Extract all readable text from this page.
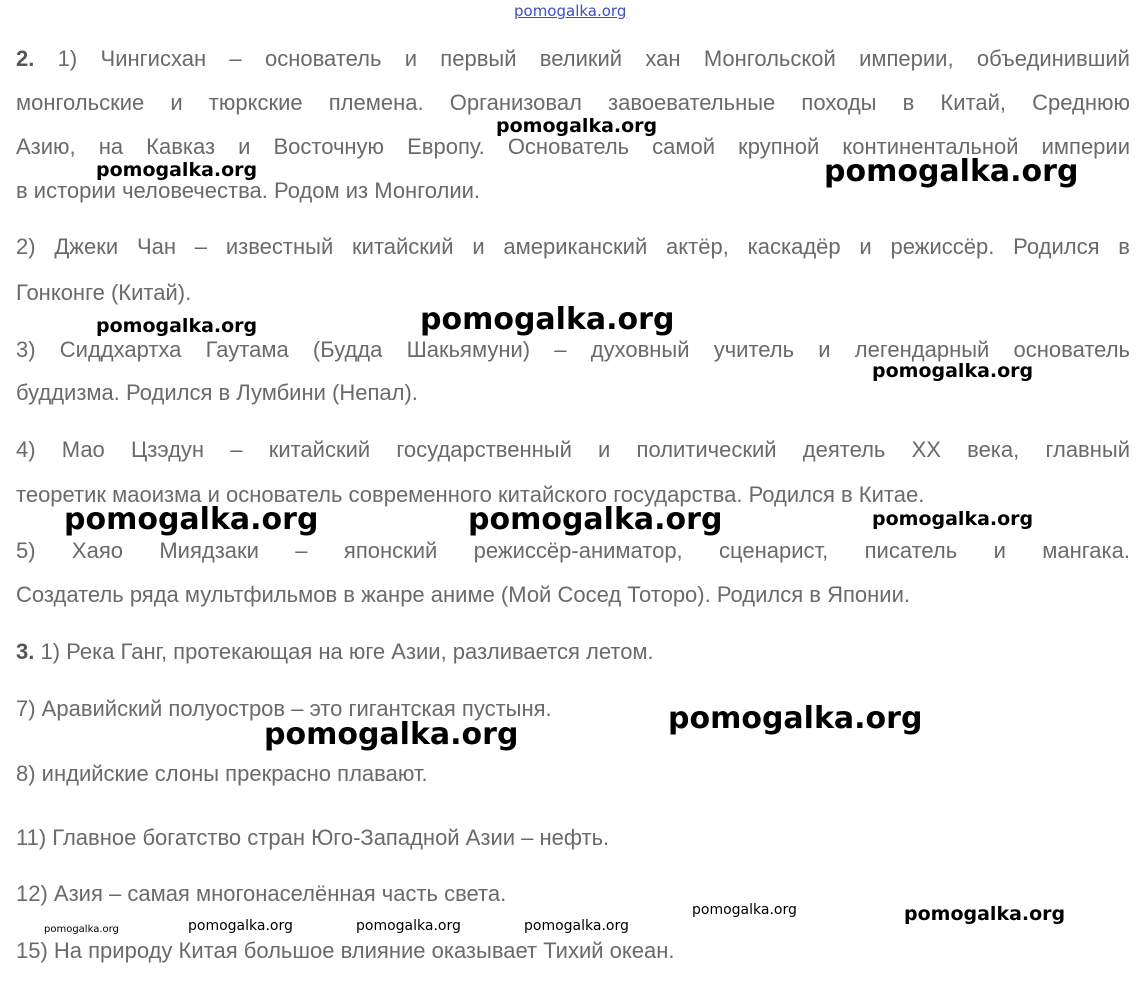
pomogalka.org
2. 1) Чингисхан – основатель и первый великий хан Монгольской империи, объединивший
монгольские и тюркские племена. Организовал завоевательные походы в Китай, Среднюю
Азию, на Кавказ и Восточную Европу. Основатель самой крупной континентальной империи
в истории человечества. Родом из Монголии.
2) Джеки Чан – известный китайский и американский актёр, каскадёр и режиссёр. Родился в
Гонконге (Китай).
3) Сиддхартха Гаутама (Будда Шакьямуни) – духовный учитель и легендарный основатель
буддизма. Родился в Лумбини (Непал).
4) Мао Цзэдун – китайский государственный и политический деятель XX века, главный
теоретик маоизма и основатель современного китайского государства. Родился в Китае.
5) Хаяо Миядзаки – японский режиссёр-аниматор, сценарист, писатель и мангака.
Создатель ряда мультфильмов в жанре аниме (Мой Сосед Тоторо). Родился в Японии.
3. 1) Река Ганг, протекающая на юге Азии, разливается летом.
7) Аравийский полуостров – это гигантская пустыня.
8) индийские слоны прекрасно плавают.
11) Главное богатство стран Юго-Западной Азии – нефть.
12) Азия – самая многонаселённая часть света.
15) На природу Китая большое влияние оказывает Тихий океан.
pomogalka.org
pomogalka.org	pomogalka.org
pomogalka.org	pomogalka.org
pomogalka.org
pomogalka.org	pomogalka.org	pomogalka.org
pomogalka.org
pomogalka.org
pomogalka.org	pomogalka.org	pomogalka.org	pomogalka.org
pomogalka.org	pomogalka.org
